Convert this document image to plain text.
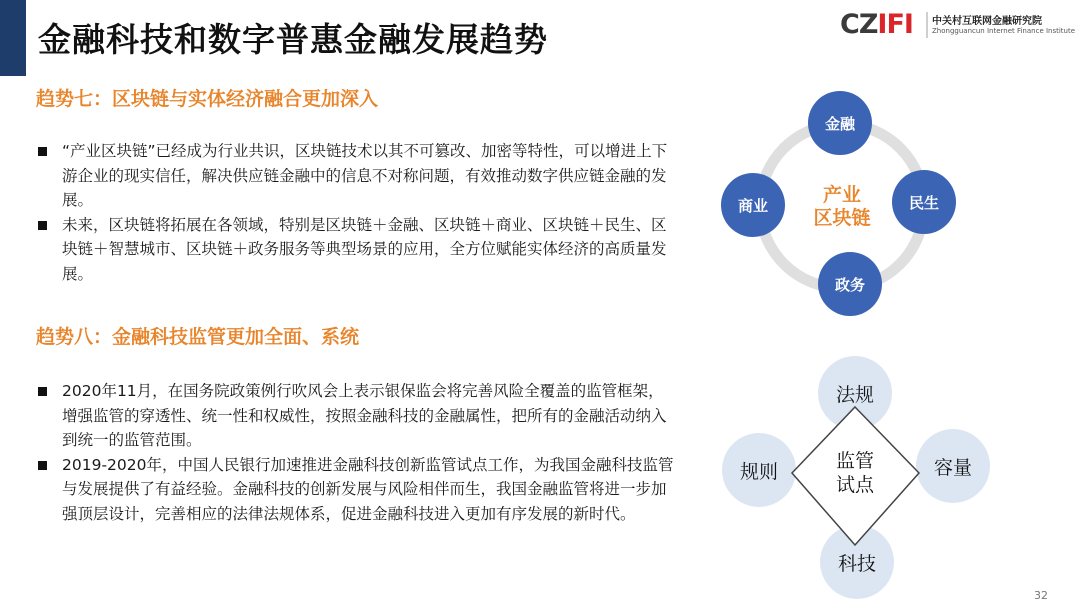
金融科技和数字普惠金融发展趋势	CZIFI 中关村互联网金融研究院
Zhongguancun Internet Finance Institute
趋势七：区块链与实体经济融合更加深入
“产业区块链”已经成为行业共识，区块链技术以其不可篡改、加密等特性，可以增进上下游企业的现实信任，解决供应链金融中的信息不对称问题，有效推动数字供应链金融的发展。
未来，区块链将拓展在各领域，特别是区块链＋金融、区块链＋商业、区块链＋民生、区块链＋智慧城市、区块链＋政务服务等典型场景的应用，全方位赋能实体经济的高质量发展。
趋势八：金融科技监管更加全面、系统
2020年11月，在国务院政策例行吹风会上表示银保监会将完善风险全覆盖的监管框架，增强监管的穿透性、统一性和权威性，按照金融科技的金融属性，把所有的金融活动纳入到统一的监管范围。
2019-2020年，中国人民银行加速推进金融科技创新监管试点工作，为我国金融科技监管与发展提供了有益经验。金融科技的创新发展与风险相伴而生，我国金融监管将进一步加强顶层设计，完善相应的法律法规体系，促进金融科技进入更加有序发展的新时代。
金融
民生
政务
商业	产业
区块链
法规
容量
科技
规则	监管
试点
32
